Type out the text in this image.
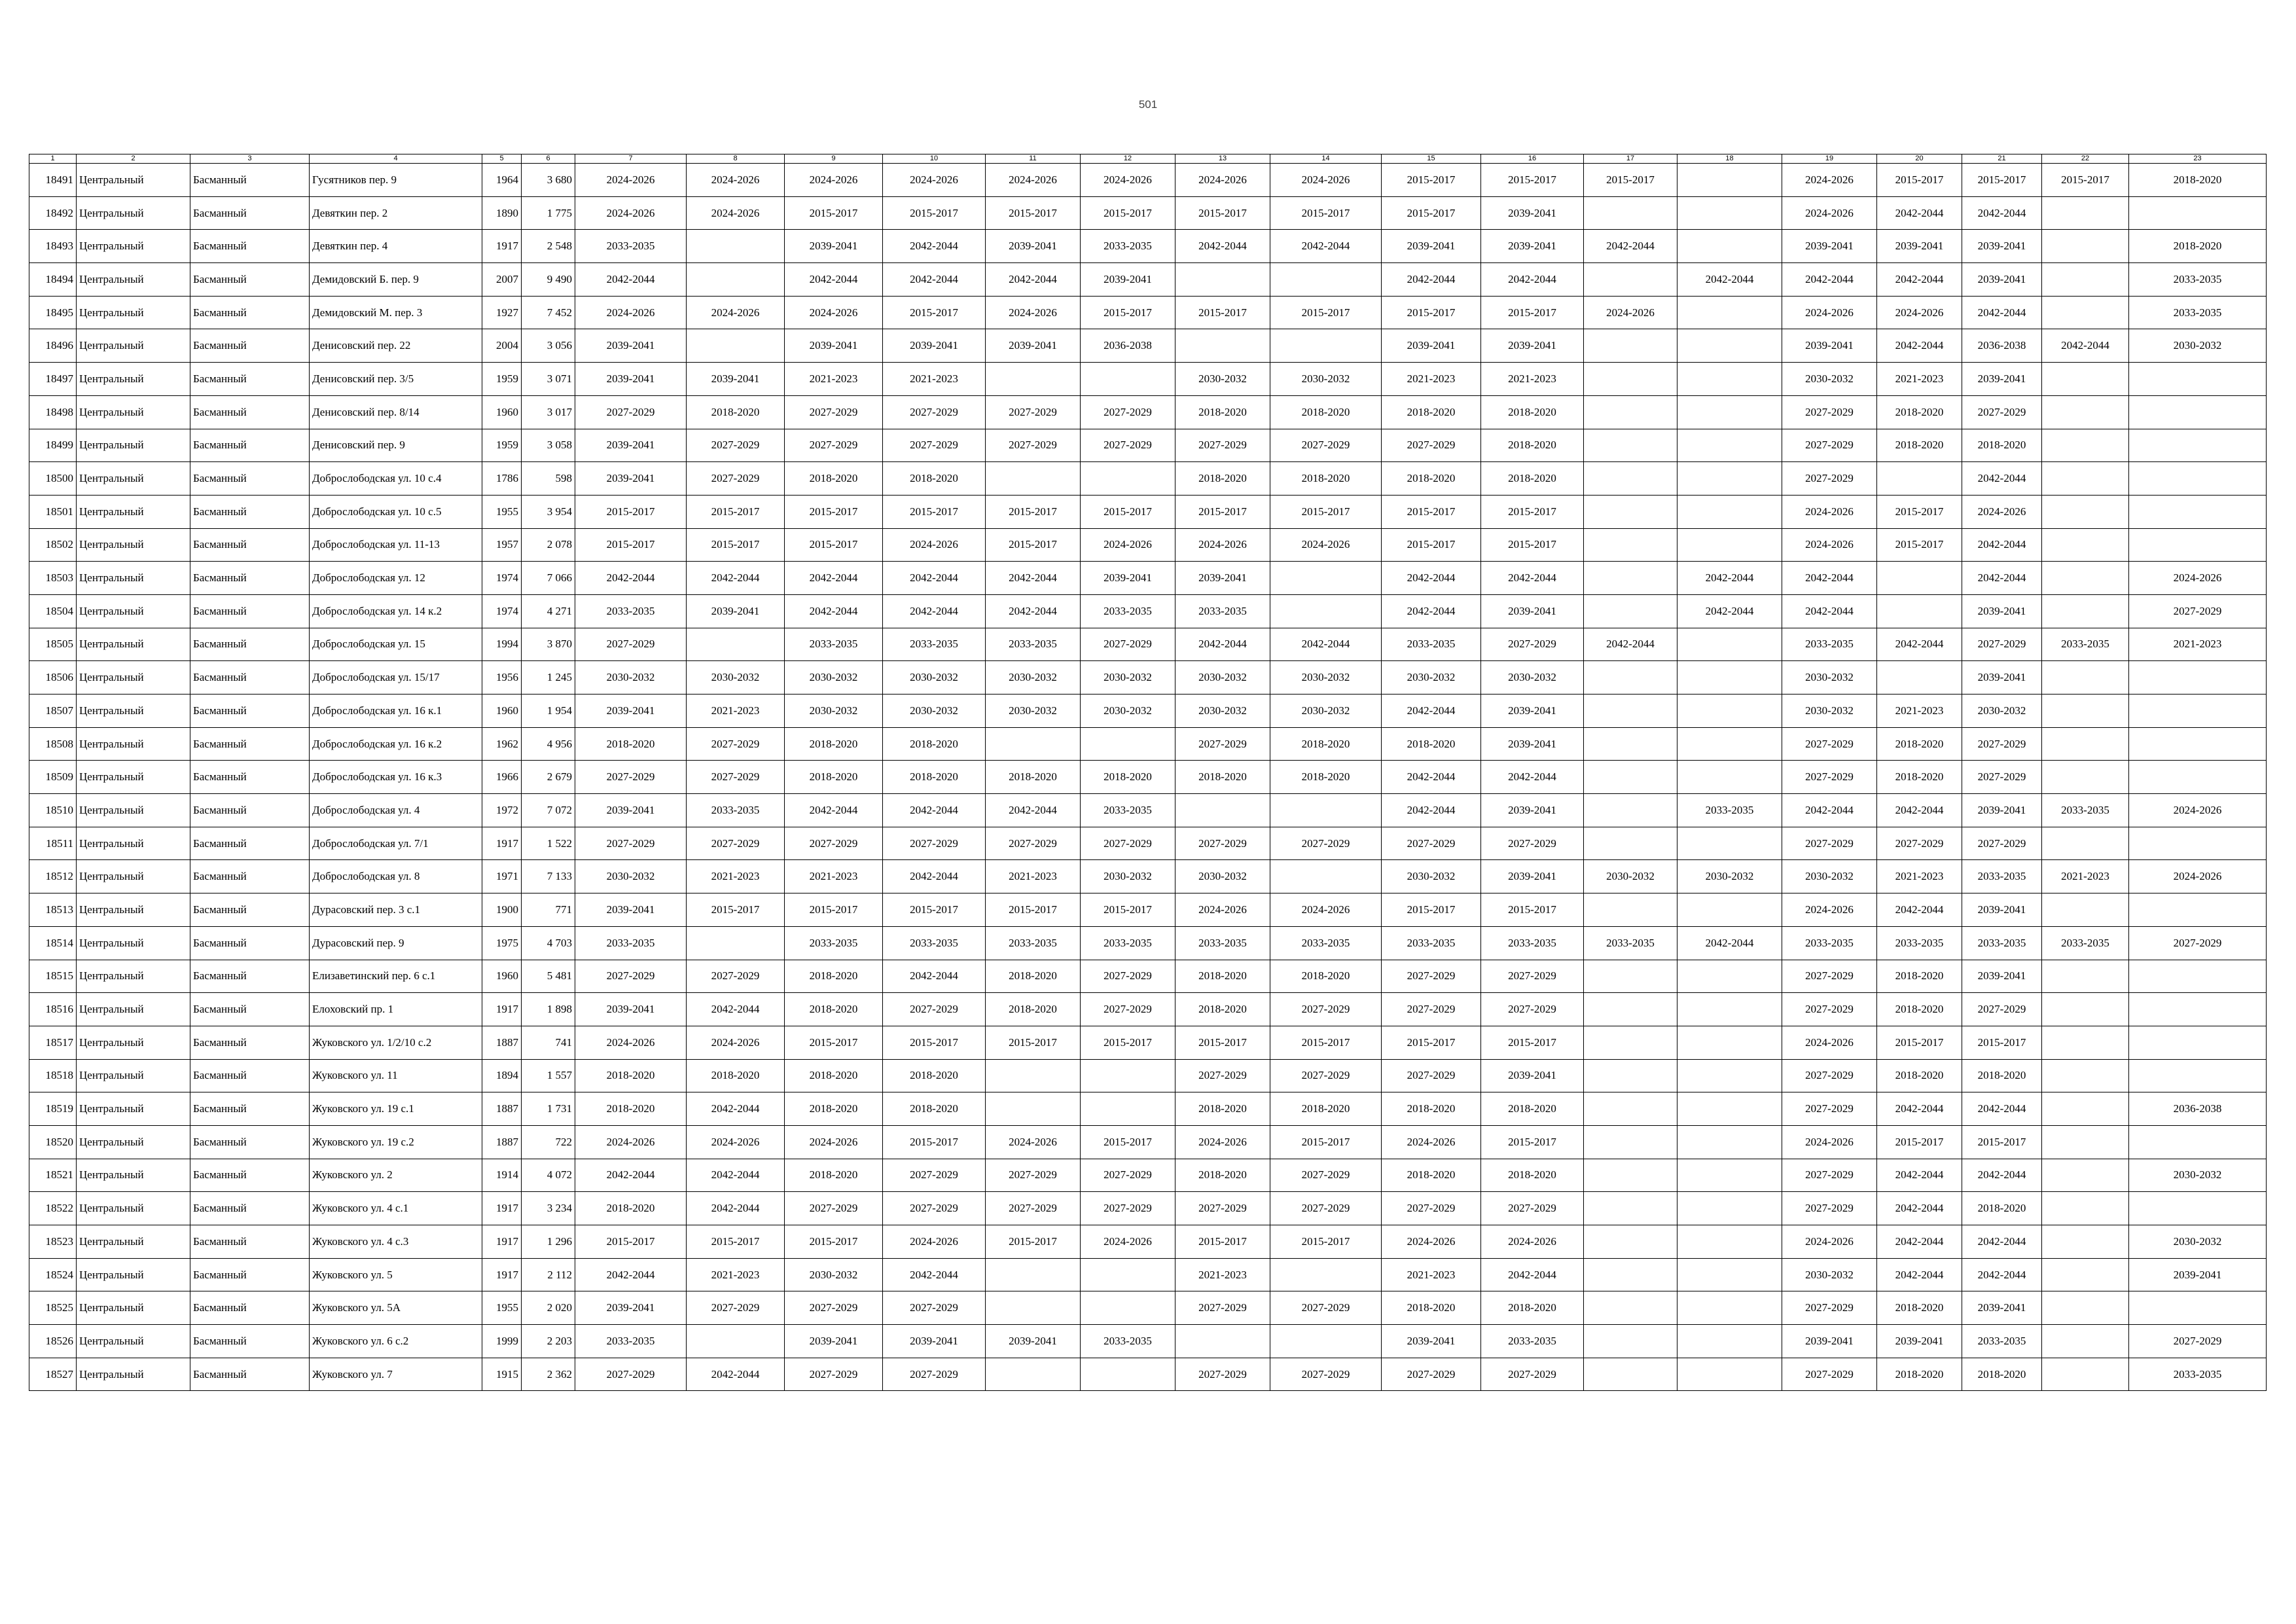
501
1	2	3	4	5	6	7	8	9	10	11	12	13	14	15	16	17	18	19	20	21	22	23
18491	Центральный	Басманный	Гусятников пер. 9	1964	3 680	2024-2026	2024-2026	2024-2026	2024-2026	2024-2026	2024-2026	2024-2026	2024-2026	2015-2017	2015-2017	2015-2017		2024-2026	2015-2017	2015-2017	2015-2017	2018-2020
18492	Центральный	Басманный	Девяткин пер. 2	1890	1 775	2024-2026	2024-2026	2015-2017	2015-2017	2015-2017	2015-2017	2015-2017	2015-2017	2015-2017	2039-2041			2024-2026	2042-2044	2042-2044		
18493	Центральный	Басманный	Девяткин пер. 4	1917	2 548	2033-2035		2039-2041	2042-2044	2039-2041	2033-2035	2042-2044	2042-2044	2039-2041	2039-2041	2042-2044		2039-2041	2039-2041	2039-2041		2018-2020
18494	Центральный	Басманный	Демидовский Б. пер. 9	2007	9 490	2042-2044		2042-2044	2042-2044	2042-2044	2039-2041			2042-2044	2042-2044		2042-2044	2042-2044	2042-2044	2039-2041		2033-2035
18495	Центральный	Басманный	Демидовский М. пер. 3	1927	7 452	2024-2026	2024-2026	2024-2026	2015-2017	2024-2026	2015-2017	2015-2017	2015-2017	2015-2017	2015-2017	2024-2026		2024-2026	2024-2026	2042-2044		2033-2035
18496	Центральный	Басманный	Денисовский пер. 22	2004	3 056	2039-2041		2039-2041	2039-2041	2039-2041	2036-2038			2039-2041	2039-2041			2039-2041	2042-2044	2036-2038	2042-2044	2030-2032
18497	Центральный	Басманный	Денисовский пер. 3/5	1959	3 071	2039-2041	2039-2041	2021-2023	2021-2023			2030-2032	2030-2032	2021-2023	2021-2023			2030-2032	2021-2023	2039-2041		
18498	Центральный	Басманный	Денисовский пер. 8/14	1960	3 017	2027-2029	2018-2020	2027-2029	2027-2029	2027-2029	2027-2029	2018-2020	2018-2020	2018-2020	2018-2020			2027-2029	2018-2020	2027-2029		
18499	Центральный	Басманный	Денисовский пер. 9	1959	3 058	2039-2041	2027-2029	2027-2029	2027-2029	2027-2029	2027-2029	2027-2029	2027-2029	2027-2029	2018-2020			2027-2029	2018-2020	2018-2020		
18500	Центральный	Басманный	Доброслободская ул. 10 с.4	1786	598	2039-2041	2027-2029	2018-2020	2018-2020			2018-2020	2018-2020	2018-2020	2018-2020			2027-2029		2042-2044		
18501	Центральный	Басманный	Доброслободская ул. 10 с.5	1955	3 954	2015-2017	2015-2017	2015-2017	2015-2017	2015-2017	2015-2017	2015-2017	2015-2017	2015-2017	2015-2017			2024-2026	2015-2017	2024-2026		
18502	Центральный	Басманный	Доброслободская ул. 11-13	1957	2 078	2015-2017	2015-2017	2015-2017	2024-2026	2015-2017	2024-2026	2024-2026	2024-2026	2015-2017	2015-2017			2024-2026	2015-2017	2042-2044		
18503	Центральный	Басманный	Доброслободская ул. 12	1974	7 066	2042-2044	2042-2044	2042-2044	2042-2044	2042-2044	2039-2041	2039-2041		2042-2044	2042-2044		2042-2044	2042-2044		2042-2044		2024-2026
18504	Центральный	Басманный	Доброслободская ул. 14 к.2	1974	4 271	2033-2035	2039-2041	2042-2044	2042-2044	2042-2044	2033-2035	2033-2035		2042-2044	2039-2041		2042-2044	2042-2044		2039-2041		2027-2029
18505	Центральный	Басманный	Доброслободская ул. 15	1994	3 870	2027-2029		2033-2035	2033-2035	2033-2035	2027-2029	2042-2044	2042-2044	2033-2035	2027-2029	2042-2044		2033-2035	2042-2044	2027-2029	2033-2035	2021-2023
18506	Центральный	Басманный	Доброслободская ул. 15/17	1956	1 245	2030-2032	2030-2032	2030-2032	2030-2032	2030-2032	2030-2032	2030-2032	2030-2032	2030-2032	2030-2032			2030-2032		2039-2041		
18507	Центральный	Басманный	Доброслободская ул. 16 к.1	1960	1 954	2039-2041	2021-2023	2030-2032	2030-2032	2030-2032	2030-2032	2030-2032	2030-2032	2042-2044	2039-2041			2030-2032	2021-2023	2030-2032		
18508	Центральный	Басманный	Доброслободская ул. 16 к.2	1962	4 956	2018-2020	2027-2029	2018-2020	2018-2020			2027-2029	2018-2020	2018-2020	2039-2041			2027-2029	2018-2020	2027-2029		
18509	Центральный	Басманный	Доброслободская ул. 16 к.3	1966	2 679	2027-2029	2027-2029	2018-2020	2018-2020	2018-2020	2018-2020	2018-2020	2018-2020	2042-2044	2042-2044			2027-2029	2018-2020	2027-2029		
18510	Центральный	Басманный	Доброслободская ул. 4	1972	7 072	2039-2041	2033-2035	2042-2044	2042-2044	2042-2044	2033-2035			2042-2044	2039-2041		2033-2035	2042-2044	2042-2044	2039-2041	2033-2035	2024-2026
18511	Центральный	Басманный	Доброслободская ул. 7/1	1917	1 522	2027-2029	2027-2029	2027-2029	2027-2029	2027-2029	2027-2029	2027-2029	2027-2029	2027-2029	2027-2029			2027-2029	2027-2029	2027-2029		
18512	Центральный	Басманный	Доброслободская ул. 8	1971	7 133	2030-2032	2021-2023	2021-2023	2042-2044	2021-2023	2030-2032	2030-2032		2030-2032	2039-2041	2030-2032	2030-2032	2030-2032	2021-2023	2033-2035	2021-2023	2024-2026
18513	Центральный	Басманный	Дурасовский пер. 3 с.1	1900	771	2039-2041	2015-2017	2015-2017	2015-2017	2015-2017	2015-2017	2024-2026	2024-2026	2015-2017	2015-2017			2024-2026	2042-2044	2039-2041		
18514	Центральный	Басманный	Дурасовский пер. 9	1975	4 703	2033-2035		2033-2035	2033-2035	2033-2035	2033-2035	2033-2035	2033-2035	2033-2035	2033-2035	2033-2035	2042-2044	2033-2035	2033-2035	2033-2035	2033-2035	2027-2029
18515	Центральный	Басманный	Елизаветинский пер. 6 с.1	1960	5 481	2027-2029	2027-2029	2018-2020	2042-2044	2018-2020	2027-2029	2018-2020	2018-2020	2027-2029	2027-2029			2027-2029	2018-2020	2039-2041		
18516	Центральный	Басманный	Елоховский пр. 1	1917	1 898	2039-2041	2042-2044	2018-2020	2027-2029	2018-2020	2027-2029	2018-2020	2027-2029	2027-2029	2027-2029			2027-2029	2018-2020	2027-2029		
18517	Центральный	Басманный	Жуковского ул. 1/2/10 с.2	1887	741	2024-2026	2024-2026	2015-2017	2015-2017	2015-2017	2015-2017	2015-2017	2015-2017	2015-2017	2015-2017			2024-2026	2015-2017	2015-2017		
18518	Центральный	Басманный	Жуковского ул. 11	1894	1 557	2018-2020	2018-2020	2018-2020	2018-2020			2027-2029	2027-2029	2027-2029	2039-2041			2027-2029	2018-2020	2018-2020		
18519	Центральный	Басманный	Жуковского ул. 19 с.1	1887	1 731	2018-2020	2042-2044	2018-2020	2018-2020			2018-2020	2018-2020	2018-2020	2018-2020			2027-2029	2042-2044	2042-2044		2036-2038
18520	Центральный	Басманный	Жуковского ул. 19 с.2	1887	722	2024-2026	2024-2026	2024-2026	2015-2017	2024-2026	2015-2017	2024-2026	2015-2017	2024-2026	2015-2017			2024-2026	2015-2017	2015-2017		
18521	Центральный	Басманный	Жуковского ул. 2	1914	4 072	2042-2044	2042-2044	2018-2020	2027-2029	2027-2029	2027-2029	2018-2020	2027-2029	2018-2020	2018-2020			2027-2029	2042-2044	2042-2044		2030-2032
18522	Центральный	Басманный	Жуковского ул. 4 с.1	1917	3 234	2018-2020	2042-2044	2027-2029	2027-2029	2027-2029	2027-2029	2027-2029	2027-2029	2027-2029	2027-2029			2027-2029	2042-2044	2018-2020		
18523	Центральный	Басманный	Жуковского ул. 4 с.3	1917	1 296	2015-2017	2015-2017	2015-2017	2024-2026	2015-2017	2024-2026	2015-2017	2015-2017	2024-2026	2024-2026			2024-2026	2042-2044	2042-2044		2030-2032
18524	Центральный	Басманный	Жуковского ул. 5	1917	2 112	2042-2044	2021-2023	2030-2032	2042-2044			2021-2023		2021-2023	2042-2044			2030-2032	2042-2044	2042-2044		2039-2041
18525	Центральный	Басманный	Жуковского ул. 5А	1955	2 020	2039-2041	2027-2029	2027-2029	2027-2029			2027-2029	2027-2029	2018-2020	2018-2020			2027-2029	2018-2020	2039-2041		
18526	Центральный	Басманный	Жуковского ул. 6 с.2	1999	2 203	2033-2035		2039-2041	2039-2041	2039-2041	2033-2035			2039-2041	2033-2035			2039-2041	2039-2041	2033-2035		2027-2029
18527	Центральный	Басманный	Жуковского ул. 7	1915	2 362	2027-2029	2042-2044	2027-2029	2027-2029			2027-2029	2027-2029	2027-2029	2027-2029			2027-2029	2018-2020	2018-2020		2033-2035
